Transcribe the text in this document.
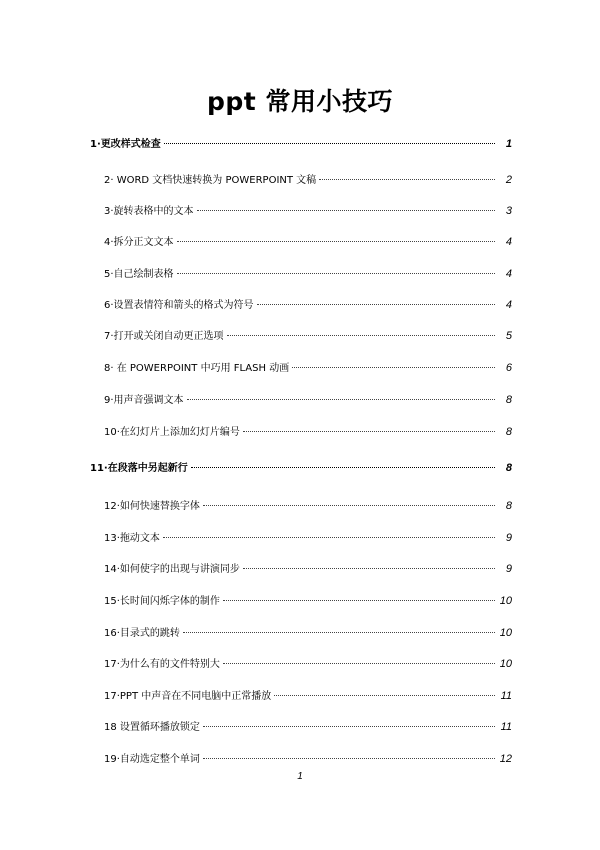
ppt 常用小技巧
1·更改样式检查	1
2· WORD 文档快速转换为 POWERPOINT 文稿	2
3·旋转表格中的文本	3
4·拆分正文文本	4
5·自己绘制表格	4
6·设置表情符和箭头的格式为符号	4
7·打开或关闭自动更正选项	5
8· 在 POWERPOINT 中巧用 FLASH 动画	6
9·用声音强调文本	8
10·在幻灯片上添加幻灯片编号	8
11·在段落中另起新行	8
12·如何快速替换字体	8
13·拖动文本	9
14·如何使字的出现与讲演同步	9
15·长时间闪烁字体的制作	10
16·目录式的跳转	10
17·为什么有的文件特别大	10
17·PPT 中声音在不同电脑中正常播放	11
18 设置循环播放锁定	11
19·自动选定整个单词	12
1
